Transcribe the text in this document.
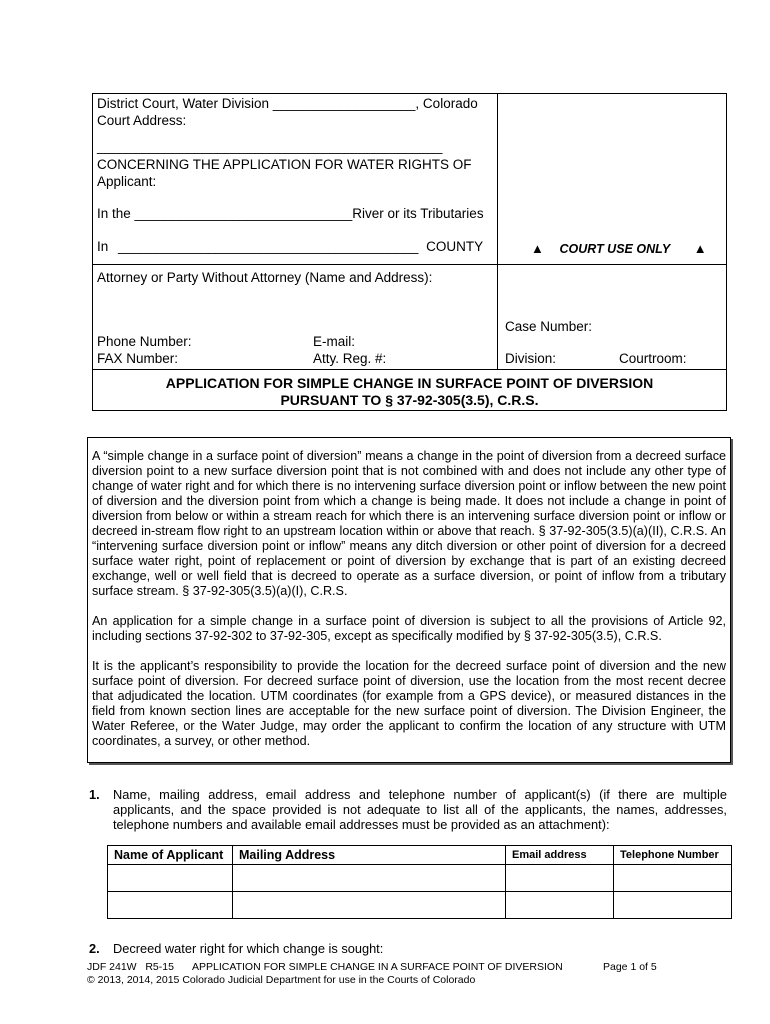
District Court, Water Division ___________________, Colorado
Court Address:
______________________________________________
CONCERNING THE APPLICATION FOR WATER RIGHTS OF
Applicant:
In the _____________________________River or its Tributaries
In ________________________________________ COUNTY	▲ COURT USE ONLY ▲
Attorney or Party Without Attorney (Name and Address):
Phone Number:	E-mail:
FAX Number:	Atty. Reg. #:
Case Number:
Division:	Courtroom:
APPLICATION FOR SIMPLE CHANGE IN SURFACE POINT OF DIVERSION
PURSUANT TO § 37-92-305(3.5), C.R.S.
A “simple change in a surface point of diversion” means a change in the point of diversion from a decreed surface diversion point to a new surface diversion point that is not combined with and does not include any other type of change of water right and for which there is no intervening surface diversion point or inflow between the new point of diversion and the diversion point from which a change is being made. It does not include a change in point of diversion from below or within a stream reach for which there is an intervening surface diversion point or inflow or decreed in-stream flow right to an upstream location within or above that reach. § 37-92-305(3.5)(a)(II), C.R.S. An “intervening surface diversion point or inflow” means any ditch diversion or other point of diversion for a decreed surface water right, point of replacement or point of diversion by exchange that is part of an existing decreed exchange, well or well field that is decreed to operate as a surface diversion, or point of inflow from a tributary surface stream. § 37-92-305(3.5)(a)(I), C.R.S.
An application for a simple change in a surface point of diversion is subject to all the provisions of Article 92, including sections 37-92-302 to 37-92-305, except as specifically modified by § 37-92-305(3.5), C.R.S.
It is the applicant’s responsibility to provide the location for the decreed surface point of diversion and the new surface point of diversion. For decreed surface point of diversion, use the location from the most recent decree that adjudicated the location. UTM coordinates (for example from a GPS device), or measured distances in the field from known section lines are acceptable for the new surface point of diversion. The Division Engineer, the Water Referee, or the Water Judge, may order the applicant to confirm the location of any structure with UTM coordinates, a survey, or other method.
1. Name, mailing address, email address and telephone number of applicant(s) (if there are multiple applicants, and the space provided is not adequate to list all of the applicants, the names, addresses, telephone numbers and available email addresses must be provided as an attachment):
Name of Applicant	Mailing Address	Email address	Telephone Number

2. Decreed water right for which change is sought:
JDF 241W   R5-15 APPLICATION FOR SIMPLE CHANGE IN A SURFACE POINT OF DIVERSION	Page 1 of 5
© 2013, 2014, 2015 Colorado Judicial Department for use in the Courts of Colorado
